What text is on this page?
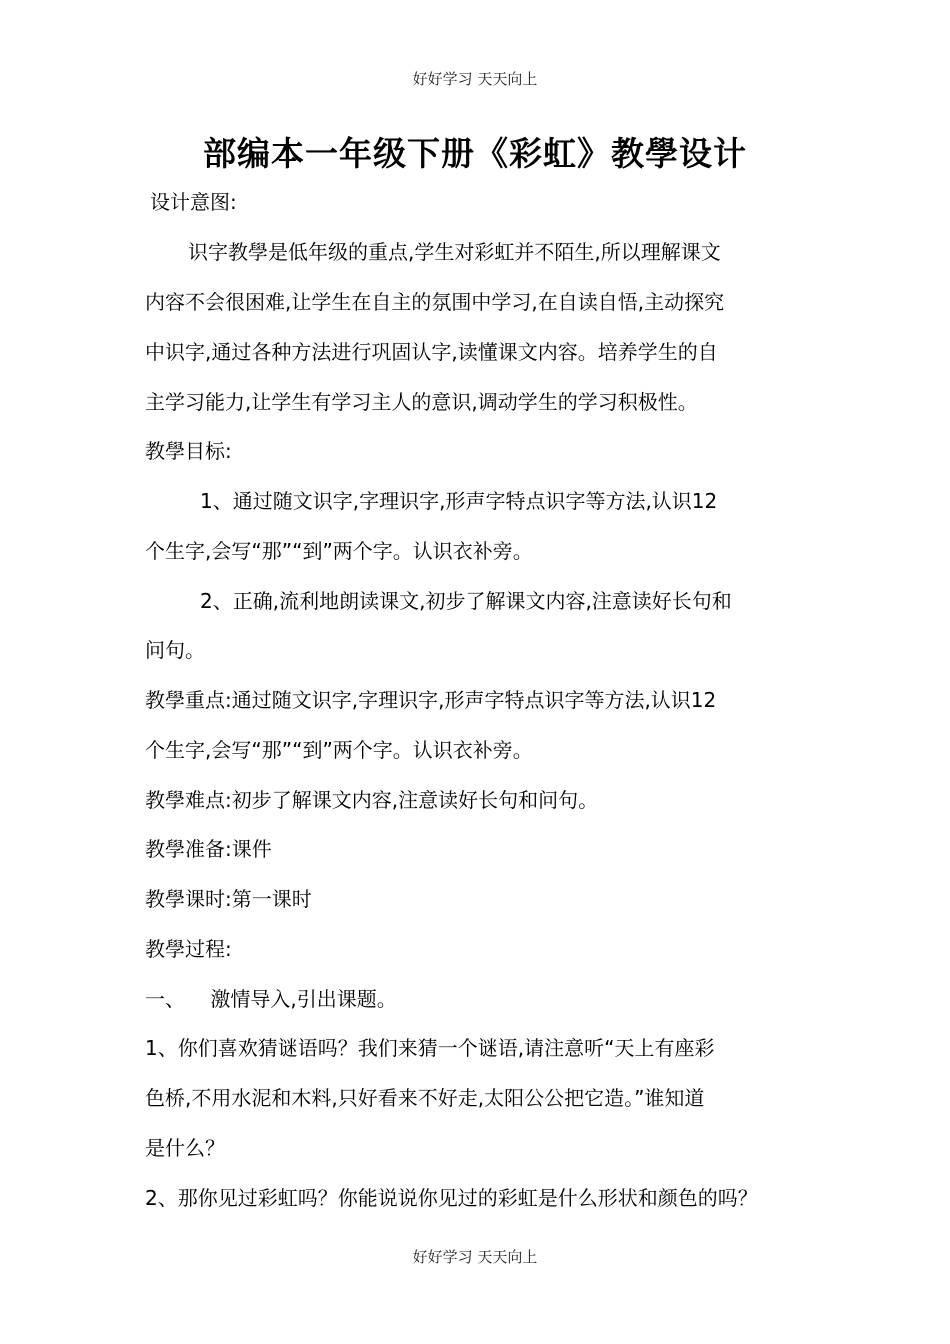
好好学习 天天向上
部编本一年级下册《彩虹》教學设计
设计意图:
识字教學是低年级的重点,学生对彩虹并不陌生,所以理解课文
内容不会很困难,让学生在自主的氛围中学习,在自读自悟,主动探究
中识字,通过各种方法进行巩固认字,读懂课文内容。培养学生的自
主学习能力,让学生有学习主人的意识,调动学生的学习积极性。
教學目标:
1、通过随文识字,字理识字,形声字特点识字等方法,认识12
个生字,会写“那”“到”两个字。认识衣补旁。
2、正确,流利地朗读课文,初步了解课文内容,注意读好长句和
问句。
教學重点:通过随文识字,字理识字,形声字特点识字等方法,认识12
个生字,会写“那”“到”两个字。认识衣补旁。
教學难点:初步了解课文内容,注意读好长句和问句。
教學准备:课件
教學课时:第一课时
教學过程:
一、    激情导入,引出课题。
1、你们喜欢猜谜语吗？我们来猜一个谜语,请注意听“天上有座彩
色桥,不用水泥和木料,只好看来不好走,太阳公公把它造。”谁知道
是什么？
2、那你见过彩虹吗？你能说说你见过的彩虹是什么形状和颜色的吗？
好好学习 天天向上
